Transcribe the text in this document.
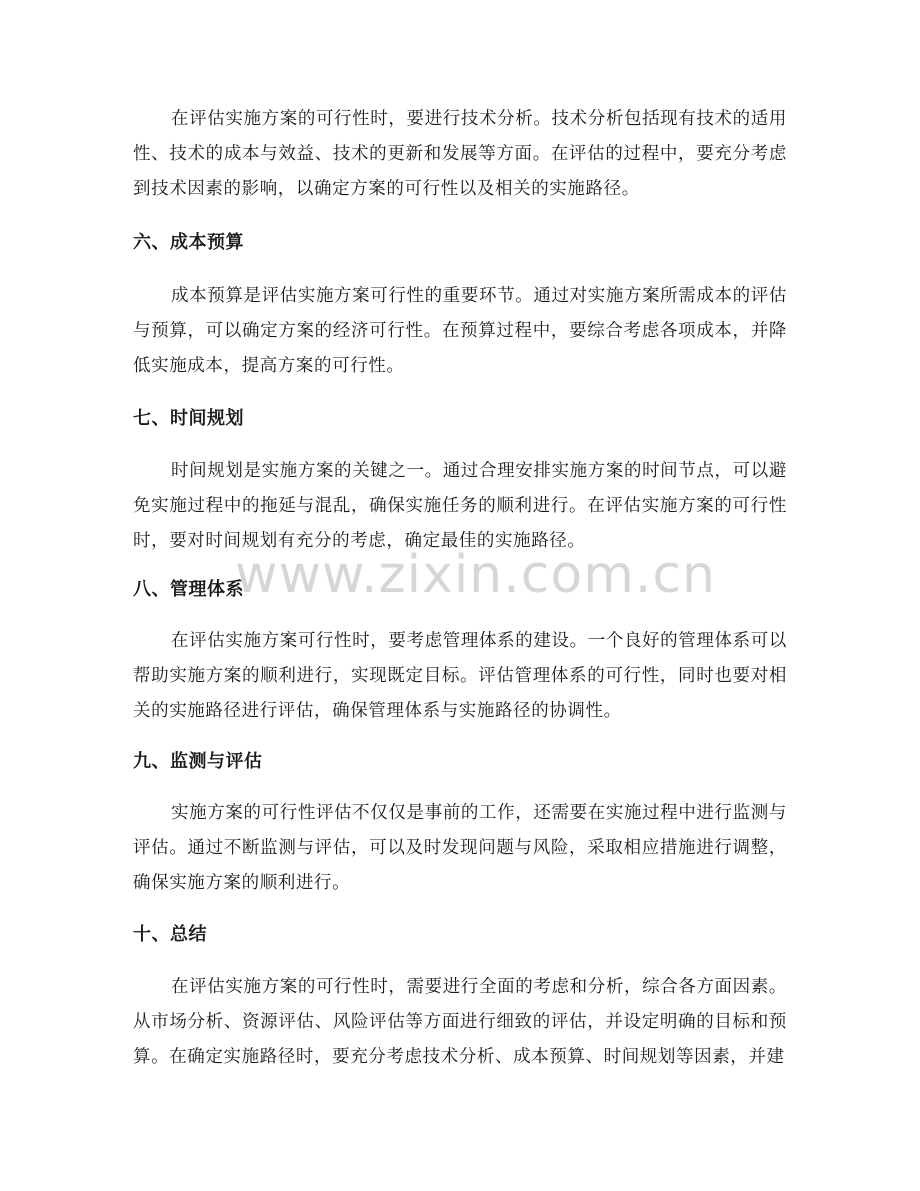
在评估实施方案的可行性时，要进行技术分析。技术分析包括现有技术的适用性、技术的成本与效益、技术的更新和发展等方面。在评估的过程中，要充分考虑到技术因素的影响，以确定方案的可行性以及相关的实施路径。

六、成本预算

成本预算是评估实施方案可行性的重要环节。通过对实施方案所需成本的评估与预算，可以确定方案的经济可行性。在预算过程中，要综合考虑各项成本，并降低实施成本，提高方案的可行性。

七、时间规划

时间规划是实施方案的关键之一。通过合理安排实施方案的时间节点，可以避免实施过程中的拖延与混乱，确保实施任务的顺利进行。在评估实施方案的可行性时，要对时间规划有充分的考虑，确定最佳的实施路径。

八、管理体系

在评估实施方案可行性时，要考虑管理体系的建设。一个良好的管理体系可以帮助实施方案的顺利进行，实现既定目标。评估管理体系的可行性，同时也要对相关的实施路径进行评估，确保管理体系与实施路径的协调性。

九、监测与评估

实施方案的可行性评估不仅仅是事前的工作，还需要在实施过程中进行监测与评估。通过不断监测与评估，可以及时发现问题与风险，采取相应措施进行调整，确保实施方案的顺利进行。

十、总结

在评估实施方案的可行性时，需要进行全面的考虑和分析，综合各方面因素。从市场分析、资源评估、风险评估等方面进行细致的评估，并设定明确的目标和预算。在确定实施路径时，要充分考虑技术分析、成本预算、时间规划等因素，并建

www.zixin.com.cn
